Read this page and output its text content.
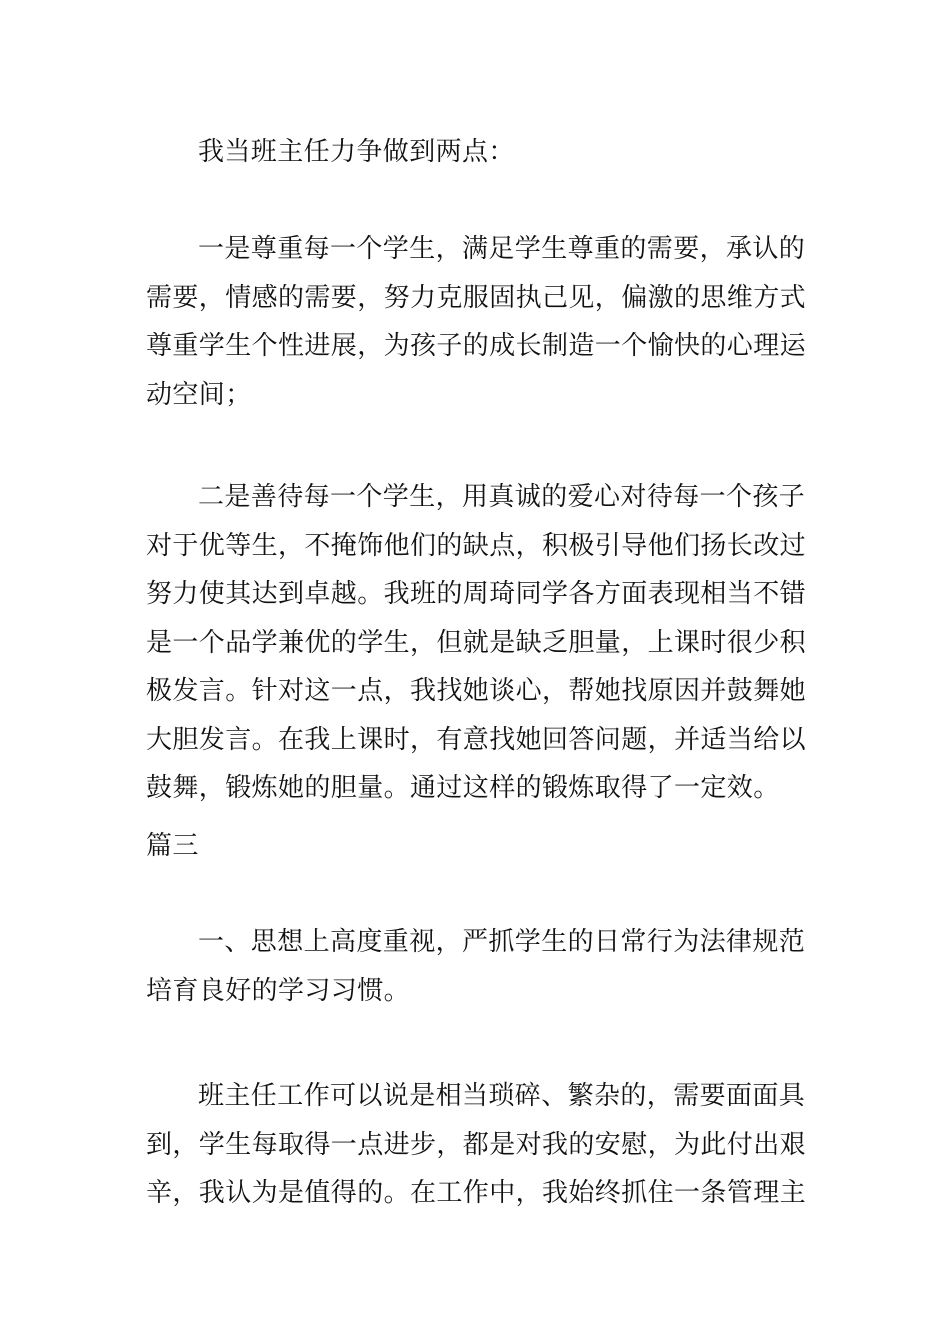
我当班主任力争做到两点：

一是尊重每一个学生，满足学生尊重的需要，承认的
需要，情感的需要，努力克服固执己见，偏激的思维方式
尊重学生个性进展，为孩子的成长制造一个愉快的心理运
动空间；

二是善待每一个学生，用真诚的爱心对待每一个孩子
对于优等生，不掩饰他们的缺点，积极引导他们扬长改过
努力使其达到卓越。我班的周琦同学各方面表现相当不错
是一个品学兼优的学生，但就是缺乏胆量，上课时很少积
极发言。针对这一点，我找她谈心，帮她找原因并鼓舞她
大胆发言。在我上课时，有意找她回答问题，并适当给以
鼓舞，锻炼她的胆量。通过这样的锻炼取得了一定效。

篇三

一、思想上高度重视，严抓学生的日常行为法律规范
培育良好的学习习惯。

班主任工作可以说是相当琐碎、繁杂的，需要面面具
到，学生每取得一点进步，都是对我的安慰，为此付出艰
辛，我认为是值得的。在工作中，我始终抓住一条管理主
